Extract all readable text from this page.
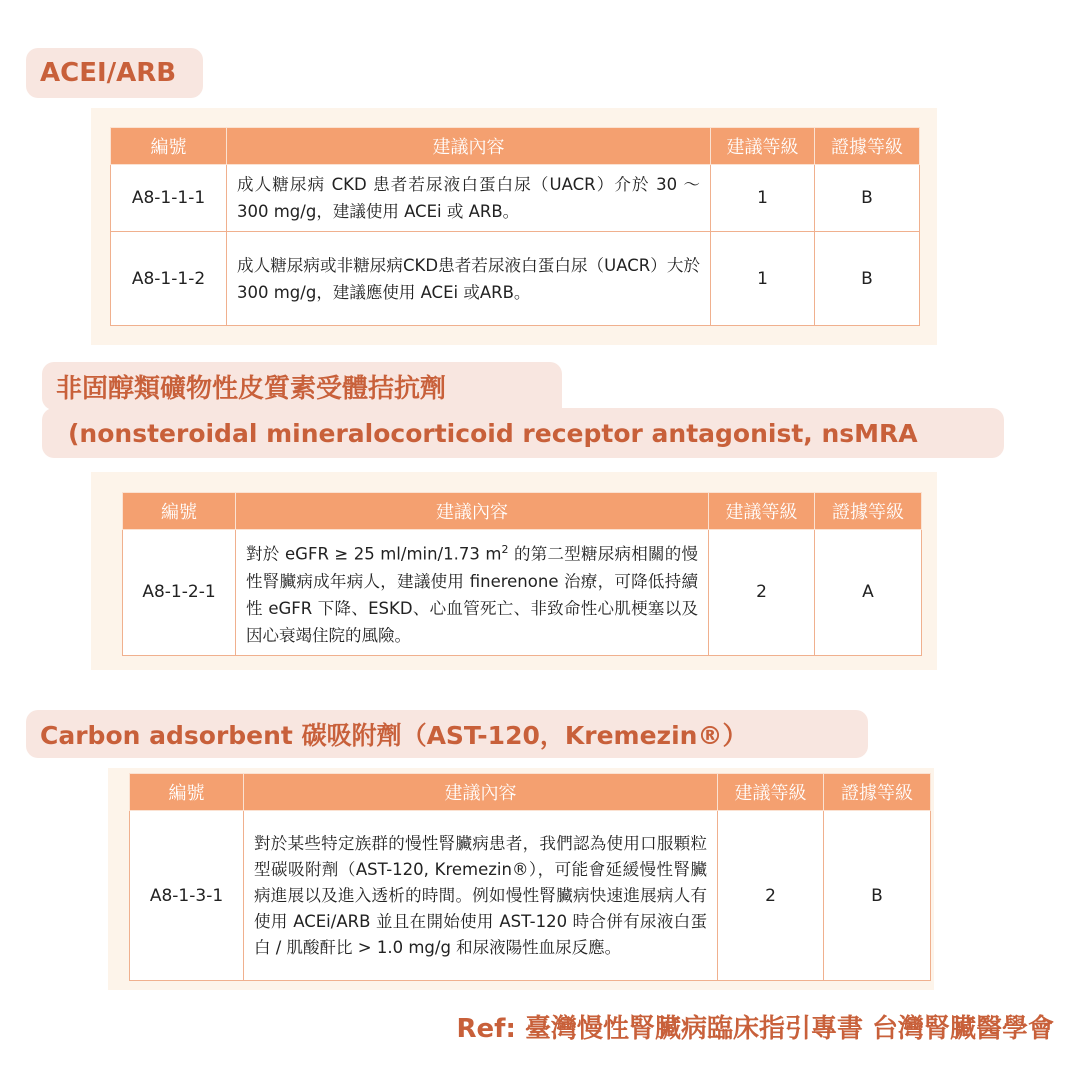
ACEI/ARB
編號	建議內容	建議等級	證據等級
A8-1-1-1	成人糖尿病 CKD 患者若尿液白蛋白尿（UACR）介於 30 ～ 300 mg/g，建議使用 ACEi 或 ARB。	1	B
A8-1-1-2	成人糖尿病或非糖尿病CKD患者若尿液白蛋白尿（UACR）大於300 mg/g，建議應使用 ACEi 或ARB。	1	B
非固醇類礦物性皮質素受體拮抗劑
(nonsteroidal mineralocorticoid receptor antagonist, nsMRA
編號	建議內容	建議等級	證據等級
A8-1-2-1	對於 eGFR ≥ 25 ml/min/1.73 $m^2$ 的第二型糖尿病相關的慢性腎臟病成年病人，建議使用 finerenone 治療，可降低持續性 eGFR 下降、ESKD、心血管死亡、非致命性心肌梗塞以及因心衰竭住院的風險。	2	A
Carbon adsorbent 碳吸附劑（AST-120，Kremezin®）
編號	建議內容	建議等級	證據等級
A8-1-3-1	對於某些特定族群的慢性腎臟病患者，我們認為使用口服顆粒型碳吸附劑（AST-120, Kremezin®），可能會延緩慢性腎臟病進展以及進入透析的時間。例如慢性腎臟病快速進展病人有使用 ACEi/ARB 並且在開始使用 AST-120 時合併有尿液白蛋白 / 肌酸酐比 > 1.0 mg/g 和尿液陽性血尿反應。	2	B
Ref: 臺灣慢性腎臟病臨床指引專書 台灣腎臟醫學會
